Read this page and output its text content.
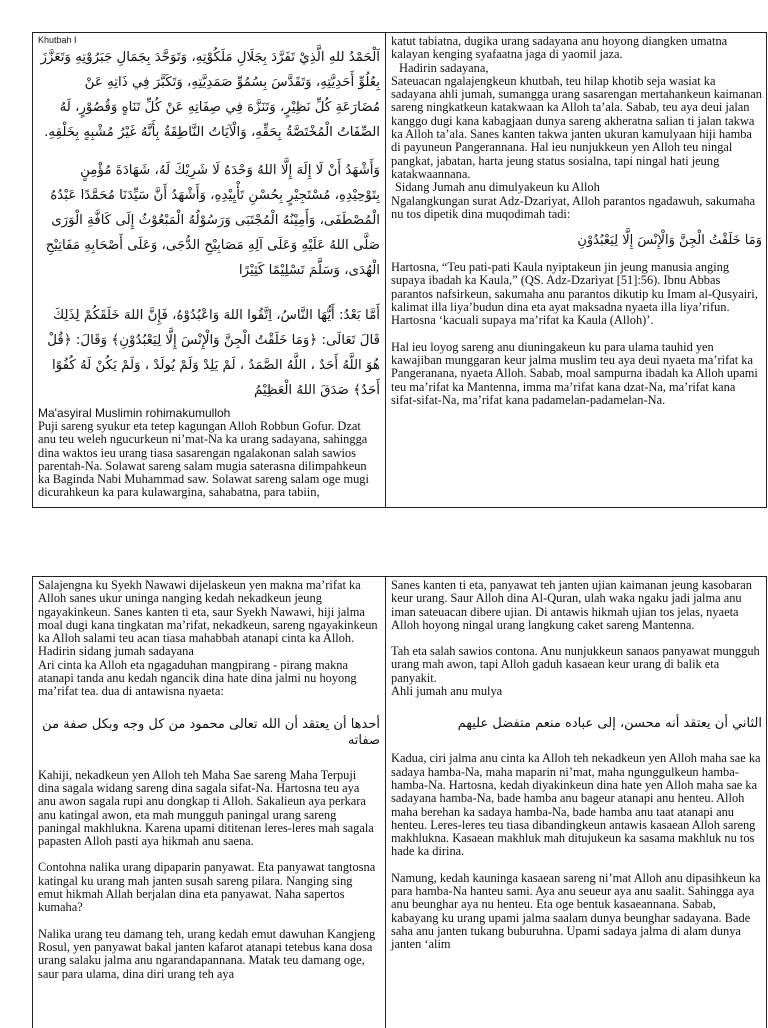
Khutbah I

اَلْحَمْدُ للهِ الَّذِيْ تَفَرَّدَ بِجَلَالِ مَلَكُوْتِهِ، وَتَوَحَّدَ بِجَمَالِ جَبَرُوْتِهِ وَتَعَزَّزَ بِعُلُوِّ أَحَدِيَّتِهِ، وَتَقَدَّسَ بِسُمُوِّ صَمَدِيَّتِهِ، وَتَكَبَّرَ فِي ذَاتِهِ عَنْ مُضَارَعَةِ كُلِّ نَظِيْرٍ، وَتَنَزَّهَ فِي صِفَاتِهِ عَنْ كُلِّ تَنَاهٍ وَقُصُوْرٍ، لَهُ الصِّفَاتُ الْمُخْتَصَّةُ بِحَقِّهِ، وَالْآيَاتُ النَّاطِقَةُ بِأَنَّهُ غَيْرُ مُشْبِهٍ بِخَلْقِهِ.

وَأَشْهَدُ أَنْ لَا إِلَهَ إِلَّا اللهُ وَحْدَهُ لَا شَرِيْكَ لَهُ، شَهَادَةَ مُؤْمِنٍ بِتَوْحِيْدِهِ، مُسْتَجِيْرٍ بِحُسْنِ تَأْيِيْدِهِ، وَأَشْهَدُ أَنَّ سَيِّدَنَا مُحَمَّدًا عَبْدُهُ الْمُصْطَفَى، وَأَمِيْنُهُ الْمُجْتَبَى وَرَسُوْلُهُ الْمَبْعُوْثُ إِلَى كَافَّةِ الْوَرَى صَلَّى اللهُ عَلَيْهِ وَعَلَى آلِهِ مَصَابِيْحِ الدُّجَى، وَعَلَى أَصْحَابِهِ مَفَاتِيْحِ الْهُدَى، وَسَلَّمَ تَسْلِيْمًا كَثِيْرًا

أَمَّا بَعْدُ: أَيُّهَا النَّاسُ، اِتَّقُوا اللهَ وَاعْبُدُوْهُ، فَإِنَّ اللهَ خَلَقَكُمْ لِذَلِكَ قَالَ تَعَالَى: ﴿وَمَا خَلَقْتُ الْجِنَّ وَالْإِنْسَ إِلَّا لِيَعْبُدُوْنِ﴾ وَقَالَ: ﴿قُلْ هُوَ اللَّهُ أَحَدٌ ، اللَّهُ الصَّمَدُ ، لَمْ يَلِدْ وَلَمْ يُولَدْ ، وَلَمْ يَكُنْ لَهُ كُفُوًا أَحَدٌ﴾ صَدَقَ اللهُ الْعَظِيْمُ

Ma'asyiral Muslimin rohimakumulloh

Puji sareng syukur eta tetep kagungan Alloh Robbun Gofur. Dzat anu teu weleh ngucurkeun ni’mat-Na ka urang sadayana, sahingga dina waktos ieu urang tiasa sasarengan ngalakonan salah sawios parentah-Na. Solawat sareng salam mugia saterasna dilimpahkeun ka Baginda Nabi Muhammad saw. Solawat sareng salam oge mugi dicurahkeun ka para kulawargina, sahabatna, para tabiin,

katut tabiatna, dugika urang sadayana anu hoyong diangken umatna kalayan kenging syafaatna jaga di yaomil jaza.

Hadirin sadayana,

Sateuacan ngalajengkeun khutbah, teu hilap khotib seja wasiat ka sadayana ahli jumah, sumangga urang sasarengan mertahankeun kaimanan sareng ningkatkeun katakwaan ka Alloh ta’ala. Sabab, teu aya deui jalan kanggo dugi kana kabagjaan dunya sareng akheratna salian ti jalan takwa ka Alloh ta’ala. Sanes kanten takwa janten ukuran kamulyaan hiji hamba di payuneun Pangerannana. Hal ieu nunjukkeun yen Alloh teu ningal pangkat, jabatan, harta jeung status sosialna, tapi ningal hati jeung katakwaannana.

Sidang Jumah anu dimulyakeun ku Alloh

Ngalangkungan surat Adz-Dzariyat, Alloh parantos ngadawuh, sakumaha nu tos dipetik dina muqodimah tadi:

وَمَا خَلَقْتُ الْجِنَّ وَالْإِنْسَ إِلَّا لِيَعْبُدُوْنِ

Hartosna, “Teu pati-pati Kaula nyiptakeun jin jeung manusia anging supaya ibadah ka Kaula,” (QS. Adz-Dzariyat [51]:56). Ibnu Abbas parantos nafsirkeun, sakumaha anu parantos dikutip ku Imam al-Qusyairi, kalimat illa liya’budun dina eta ayat maksadna nyaeta illa liya’rifun. Hartosna ‘kacuali supaya ma’rifat ka Kaula (Alloh)’.

Hal ieu loyog sareng anu diuningakeun ku para ulama tauhid yen kawajiban munggaran keur jalma muslim teu aya deui nyaeta ma’rifat ka Pangeranana, nyaeta Alloh. Sabab, moal sampurna ibadah ka Alloh upami teu ma’rifat ka Mantenna, imma ma’rifat kana dzat-Na, ma’rifat kana sifat-sifat-Na, ma’rifat kana padamelan-padamelan-Na.

Salajengna ku Syekh Nawawi dijelaskeun yen makna ma’rifat ka Alloh sanes ukur uninga nanging kedah nekadkeun jeung ngayakinkeun. Sanes kanten ti eta, saur Syekh Nawawi, hiji jalma moal dugi kana tingkatan ma’rifat, nekadkeun, sareng ngayakinkeun ka Alloh salami teu acan tiasa mahabbah atanapi cinta ka Alloh.

Hadirin sidang jumah sadayana

Ari cinta ka Alloh eta ngagaduhan mangpirang - pirang makna atanapi tanda anu kedah ngancik dina hate dina jalmi nu hoyong ma’rifat tea. dua di antawisna nyaeta:

أحدها أن يعتقد أن الله تعالى محمود من كل وجه وبكل صفة من صفاته

Kahiji, nekadkeun yen Alloh teh Maha Sae sareng Maha Terpuji dina sagala widang sareng dina sagala sifat-Na. Hartosna teu aya anu awon sagala rupi anu dongkap ti Alloh. Sakalieun aya perkara anu katingal awon, eta mah mungguh paningal urang sareng paningal makhlukna. Karena upami dititenan leres-leres mah sagala papasten Alloh pasti aya hikmah anu saena.

Contohna nalika urang dipaparin panyawat. Eta panyawat tangtosna katingal ku urang mah janten susah sareng pilara. Nanging sing emut hikmah Allah berjalan dina eta panyawat. Naha sapertos kumaha?

Nalika urang teu damang teh, urang kedah emut dawuhan Kangjeng Rosul, yen panyawat bakal janten kafarot atanapi tetebus kana dosa urang salaku jalma anu ngarandapannana. Matak teu damang oge, saur para ulama, dina diri urang teh aya

Sanes kanten ti eta, panyawat teh janten ujian kaimanan jeung kasobaran keur urang. Saur Alloh dina Al-Quran, ulah waka ngaku jadi jalma anu iman sateuacan dibere ujian. Di antawis hikmah ujian tos jelas, nyaeta Alloh hoyong ningal urang langkung caket sareng Mantenna.

Tah eta salah sawios contona. Anu nunjukkeun sanaos panyawat mungguh urang mah awon, tapi Alloh gaduh kasaean keur urang di balik eta panyakit.

Ahli jumah anu mulya

الثاني أن يعتقد أنه محسن، إلى عباده منعم متفضل عليهم

Kadua, ciri jalma anu cinta ka Alloh teh nekadkeun yen Alloh maha sae ka sadaya hamba-Na, maha maparin ni’mat, maha ngunggulkeun hamba-hamba-Na. Hartosna, kedah diyakinkeun dina hate yen Alloh maha sae ka sadayana hamba-Na, bade hamba anu bageur atanapi anu henteu. Alloh maha berehan ka sadaya hamba-Na, bade hamba anu taat atanapi anu henteu. Leres-leres teu tiasa dibandingkeun antawis kasaean Alloh sareng makhlukna. Kasaean makhluk mah ditujukeun ka sasama makhluk nu tos hade ka dirina.

Namung, kedah kauninga kasaean sareng ni’mat Alloh anu dipasihkeun ka para hamba-Na hanteu sami. Aya anu seueur aya anu saalit. Sahingga aya anu beunghar aya nu henteu. Eta oge bentuk kasaeannana. Sabab, kabayang ku urang upami jalma saalam dunya beunghar sadayana. Bade saha anu janten tukang buburuhna. Upami sadaya jalma di alam dunya janten ‘alim
